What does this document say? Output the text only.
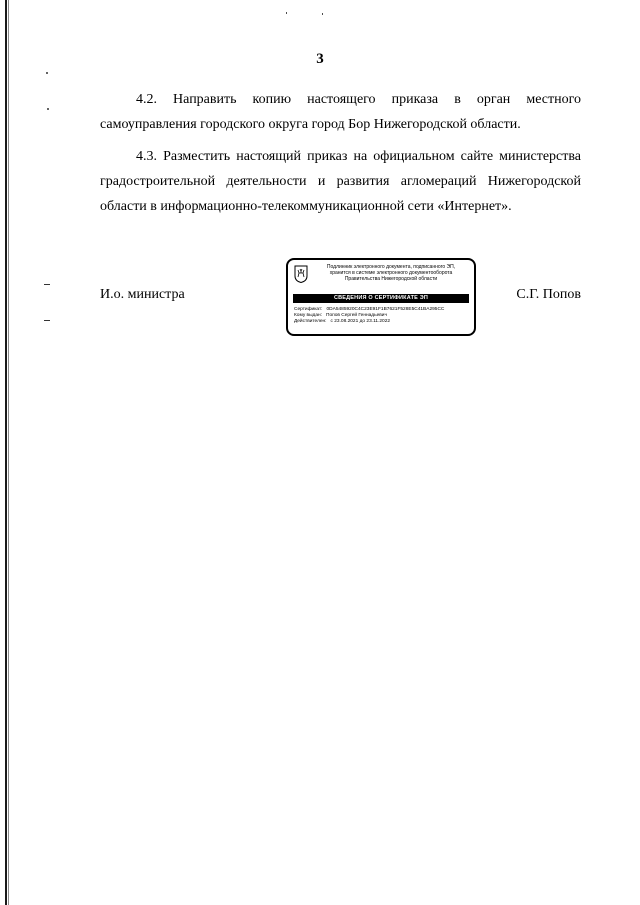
3

4.2. Направить копию настоящего приказа в орган местного
самоуправления городского округа город Бор Нижегородской области.

4.3. Разместить настоящий приказ на официальном сайте министерства
градостроительной деятельности и развития агломераций Нижегородской
области в информационно-телекоммуникационной сети «Интернет».

И.о. министра	С.Г. Попов
Подлинник электронного документа, подписанного ЭП,
хранится в системе электронного документооборота
Правительства Нижегородской области
СВЕДЕНИЯ О СЕРТИФИКАТЕ ЭП
Сертификат: 0DA5485920C4C23E91F1B7621F528E5C41BA295CC
Кому выдан: Попов Сергей Геннадьевич
Действителен: с 23.08.2021 до 23.11.2022
